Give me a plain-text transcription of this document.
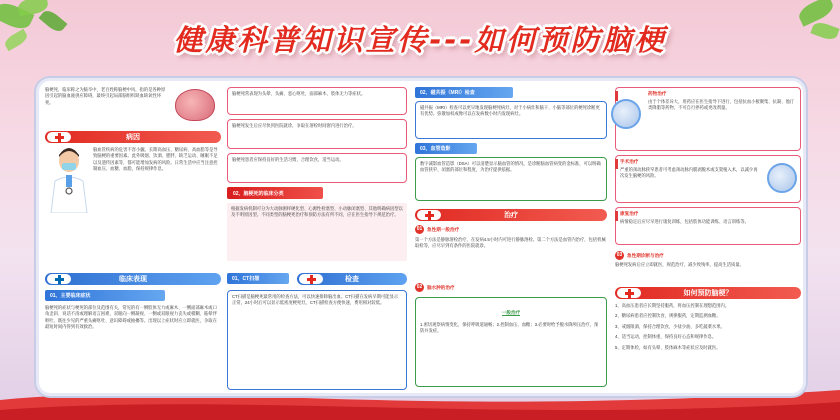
健康科普知识宣传---如何预防脑梗
脑梗死，临床称之为脑卒中，老百姓称脑梗中风，指的是各种原因引起的脑血液供应障碍，最终引起局部脑组织缺血缺氧性坏死。
病因
脑血管疾病的危害不容小觑。长期高血压、糖尿病、高血脂等是导致脑梗的重要因素。此外吸烟、饮酒、肥胖、缺乏运动、睡眠不足以及遗传因素等，都可能增加发病的风险。日常生活中应当注意控制血压、血糖、血脂，保持规律作息。
临床表现
01、主要临床症状
脑梗死的症状与梗死的部位及范围有关，常见的有一侧肢体无力或麻木、一侧面部麻木或口角歪斜、说话不清或理解语言困难、双眼向一侧凝视、一侧或双眼视力丧失或模糊、眩晕伴呕吐、既往少见的严重头痛呕吐、意识障碍或抽搐等。出现以上症状时应立即就医，争取在最短时间内得到有效救治。
脑梗死常表现为头晕、头痛、恶心呕吐，面部麻木、肢体无力等症状。
脑梗死发生后应尽快到医院就诊，争取在溶栓时间窗内进行治疗。
脑梗死患者应保持良好的生活习惯，合理饮食，适当运动。
02、脑梗死的临床分类
根据发病机制可分为大动脉粥样硬化型、心源性栓塞型、小动脉闭塞型、其他明确病因型以及不明原因型。不同类型的脑梗死治疗和预防方法有所不同，应在医生指导下规范治疗。
01、CT扫描	检查
CT扫描是脑梗死最常用的检查方法，可以快速排除脑出血。CT扫描在发病早期可能显示正常，24小时后可以显示低密度梗死灶，CT扫描检查方便快速，费用相对较低。
02、磁共振（MRI）检查
磁共振（MRI）检查可以更早地发现脑梗死病灶，对于小病灶和脑干、小脑等部位的梗死诊断更有优势。弥散加权成像可以在发病数小时内发现病灶。
03、血管造影
数字减影血管造影（DSA）可以清楚显示脑血管的情况，是诊断脑血管病变的金标准，可以明确血管狭窄、闭塞的部位和程度，为治疗提供依据。
治疗
01	急性期一般治疗
第一个方法是静脉溶栓治疗，在发病4.5小时内可进行静脉溶栓。第二个方法是血管内治疗，包括机械取栓等，应尽早到有条件的医院就诊。
02	脑水肿的治疗
一般治疗
1.密切观察病情变化，保持呼吸道通畅；2.控制血压、血糖；3.必要时给予脱水降颅压治疗，预防并发症。
药物治疗
由于个体差异大，用药应在医生指导下进行，包括抗血小板聚集、抗凝、他汀类降脂等药物，不可自行停药或更改剂量。
手术治疗
严重的颈动脉狭窄患者可考虑颈动脉内膜剥脱术或支架植入术，以减少再次发生脑梗的风险。
康复治疗
病情稳定后应尽早进行康复训练，包括肢体功能训练、语言训练等。
03	急性期诊断与治疗
脑梗死发病后应立即就医，规范治疗，减少致残率，提高生活质量。
如何预防脑梗？
1、高血压患者应长期坚持服药，将血压控制在理想范围内。
2、糖尿病患者应控制饮食，规律服药，定期监测血糖。
3、戒烟限酒，保持合理饮食，少盐少油，多吃蔬菜水果。
4、适当运动，控制体重，保持良好心态和规律作息。
5、定期体检，如有头晕、肢体麻木等症状应及时就医。
